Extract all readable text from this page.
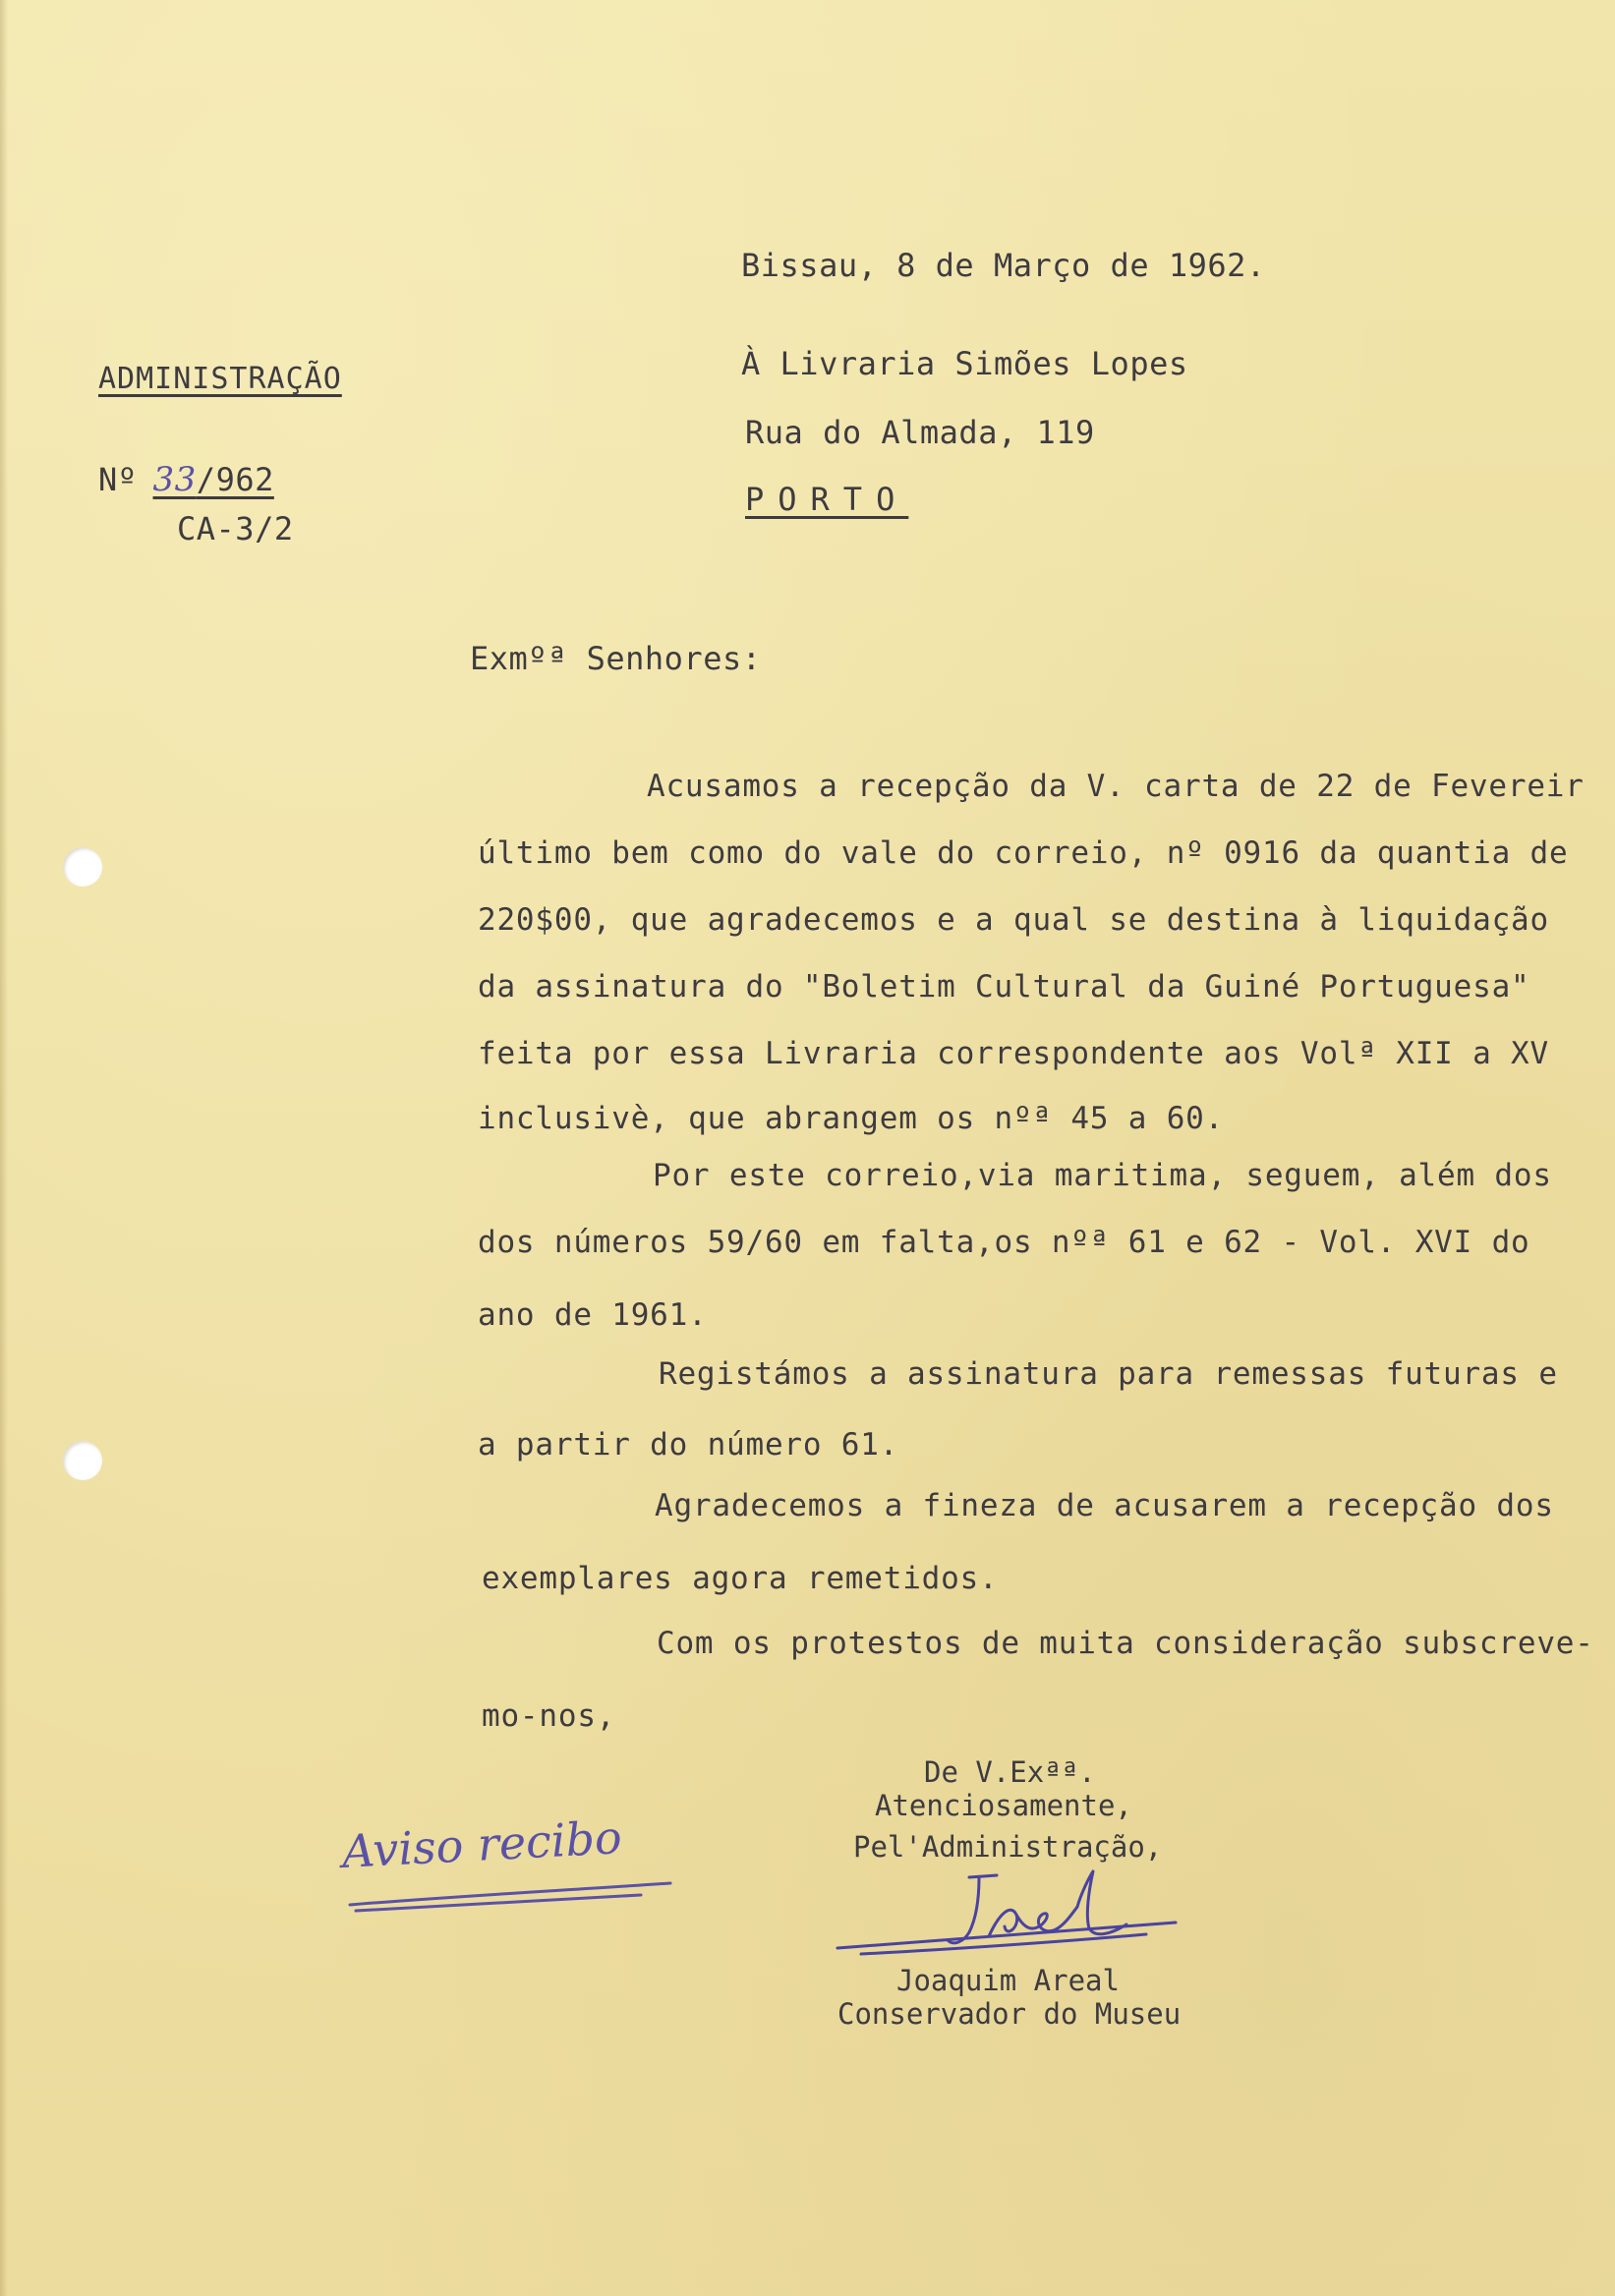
Bissau, 8 de Março de 1962.
ADMINISTRAÇÃO
Nº 33/962
CA-3/2
À Livraria Simões Lopes
Rua do Almada, 119
PORTO
Exmºª Senhores:
Acusamos a recepção da V. carta de 22 de Fevereir
último bem como do vale do correio, nº 0916 da quantia de
220$00, que agradecemos e a qual se destina à liquidação
da assinatura do "Boletim Cultural da Guiné Portuguesa"
feita por essa Livraria correspondente aos Volª XII a XV
inclusivè, que abrangem os nºª 45 a 60.
Por este correio,via maritima, seguem, além dos
dos números 59/60 em falta,os nºª 61 e 62 - Vol. XVI do
ano de 1961.
Registámos a assinatura para remessas futuras e
a partir do número 61.
Agradecemos a fineza de acusarem a recepção dos
exemplares agora remetidos.
Com os protestos de muita consideração subscreve-
mo-nos,
De V.Exªª.
Atenciosamente,
Pel'Administração,
Joaquim Areal
Conservador do Museu
Aviso recibo
